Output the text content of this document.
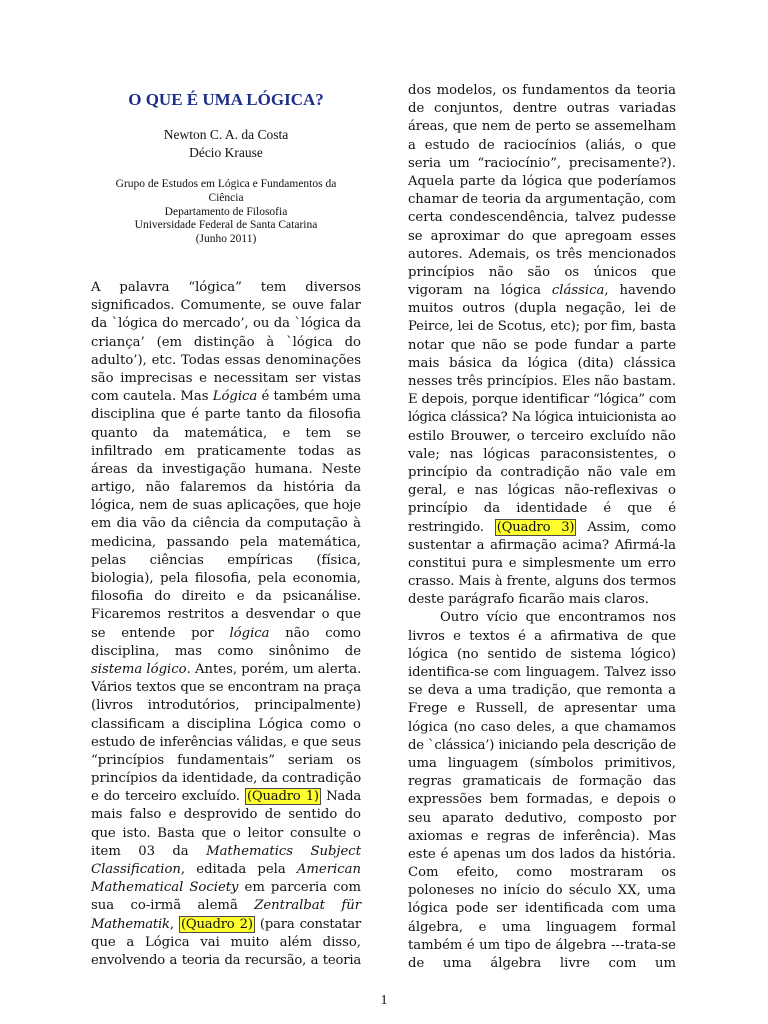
O QUE É UMA LÓGICA?
Newton C. A. da Costa
Décio Krause
Grupo de Estudos em Lógica e Fundamentos da
Ciência
Departamento de Filosofia
Universidade Federal de Santa Catarina
(Junho 2011)
A palavra “lógica” tem diversos
significados. Comumente, se ouve falar
da `lógica do mercado’, ou da `lógica da
criança’ (em distinção à `lógica do
adulto’), etc. Todas essas denominações
são imprecisas e necessitam ser vistas
com cautela. Mas Lógica é também uma
disciplina que é parte tanto da filosofia
quanto da matemática, e tem se
infiltrado em praticamente todas as
áreas da investigação humana. Neste
artigo, não falaremos da história da
lógica, nem de suas aplicações, que hoje
em dia vão da ciência da computação à
medicina, passando pela matemática,
pelas ciências empíricas (física,
biologia), pela filosofia, pela economia,
filosofia do direito e da psicanálise.
Ficaremos restritos a desvendar o que
se entende por lógica não como
disciplina, mas como sinônimo de
sistema lógico. Antes, porém, um alerta.
Vários textos que se encontram na praça
(livros introdutórios, principalmente)
classificam a disciplina Lógica como o
estudo de inferências válidas, e que seus
“princípios fundamentais” seriam os
princípios da identidade, da contradição
e do terceiro excluído. (Quadro 1) Nada
mais falso e desprovido de sentido do
que isto. Basta que o leitor consulte o
item 03 da Mathematics Subject
Classification, editada pela American
Mathematical Society em parceria com
sua co-irmã alemã Zentralbat für
Mathematik, (Quadro 2) (para constatar
que a Lógica vai muito além disso,
envolvendo a teoria da recursão, a teoria
dos modelos, os fundamentos da teoria
de conjuntos, dentre outras variadas
áreas, que nem de perto se assemelham
a estudo de raciocínios (aliás, o que
seria um “raciocínio”, precisamente?).
Aquela parte da lógica que poderíamos
chamar de teoria da argumentação, com
certa condescendência, talvez pudesse
se aproximar do que apregoam esses
autores. Ademais, os três mencionados
princípios não são os únicos que
vigoram na lógica clássica, havendo
muitos outros (dupla negação, lei de
Peirce, lei de Scotus, etc); por fim, basta
notar que não se pode fundar a parte
mais básica da lógica (dita) clássica
nesses três princípios. Eles não bastam.
E depois, porque identificar “lógica” com
lógica clássica? Na lógica intuicionista ao
estilo Brouwer, o terceiro excluído não
vale; nas lógicas paraconsistentes, o
princípio da contradição não vale em
geral, e nas lógicas não-reflexivas o
princípio da identidade é que é
restringido. (Quadro 3) Assim, como
sustentar a afirmação acima? Afirmá-la
constitui pura e simplesmente um erro
crasso. Mais à frente, alguns dos termos
deste parágrafo ficarão mais claros.
Outro vício que encontramos nos
livros e textos é a afirmativa de que
lógica (no sentido de sistema lógico)
identifica-se com linguagem. Talvez isso
se deva a uma tradição, que remonta a
Frege e Russell, de apresentar uma
lógica (no caso deles, a que chamamos
de `clássica’) iniciando pela descrição de
uma linguagem (símbolos primitivos,
regras gramaticais de formação das
expressões bem formadas, e depois o
seu aparato dedutivo, composto por
axiomas e regras de inferência). Mas
este é apenas um dos lados da história.
Com efeito, como mostraram os
poloneses no início do século XX, uma
lógica pode ser identificada com uma
álgebra, e uma linguagem formal
também é um tipo de álgebra ---trata-se
de uma álgebra livre com um
1
